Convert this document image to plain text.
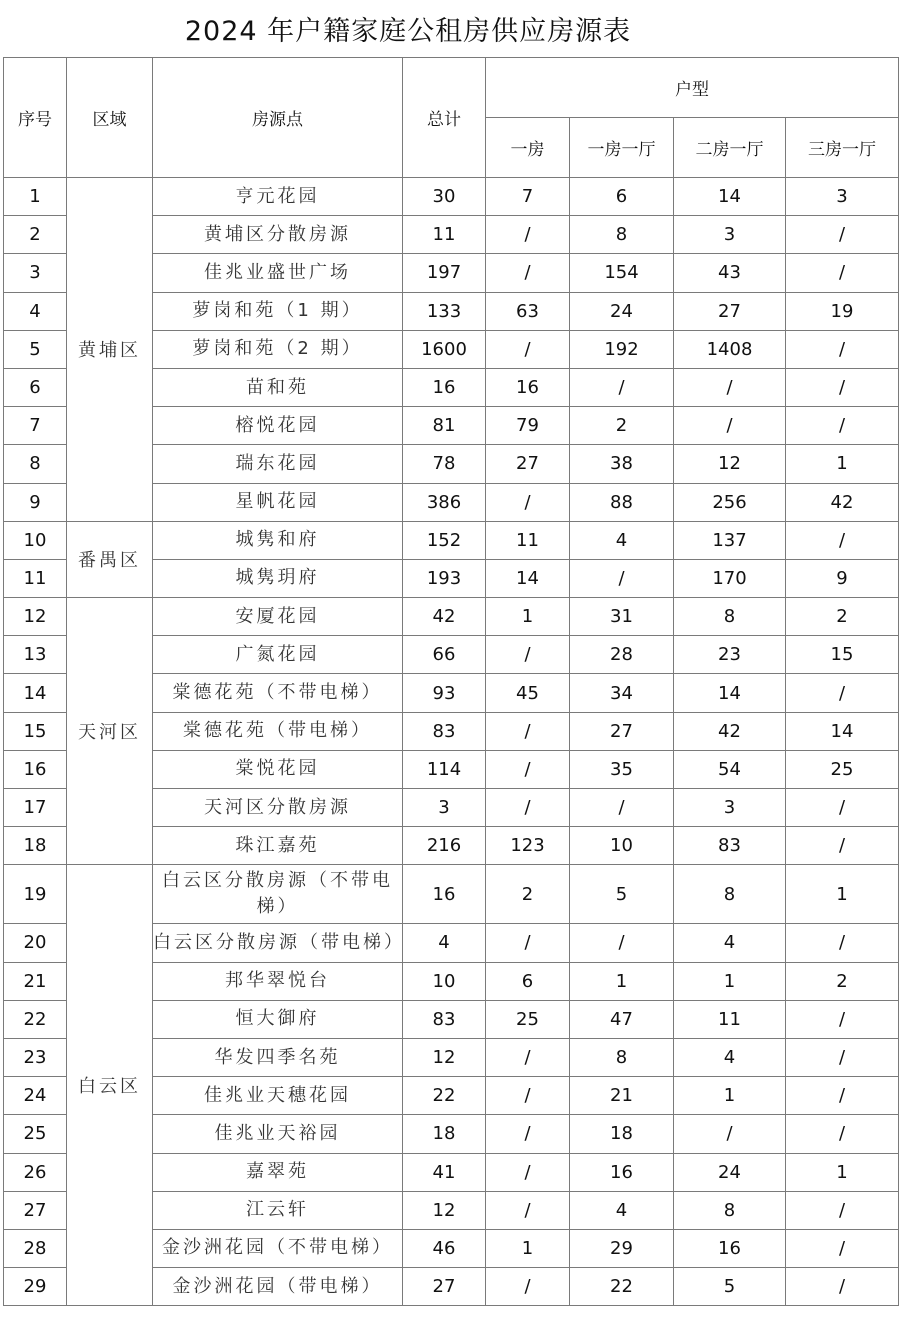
2024 年户籍家庭公租房供应房源表
序号	区域	房源点	总计	户型			
				一房	一房一厅	二房一厅	三房一厅
1	黄埔区	亨元花园	30	7	6	14	3
2		黄埔区分散房源	11	/	8	3	/
3		佳兆业盛世广场	197	/	154	43	/
4		萝岗和苑（1 期）	133	63	24	27	19
5		萝岗和苑（2 期）	1600	/	192	1408	/
6		苗和苑	16	16	/	/	/
7		榕悦花园	81	79	2	/	/
8		瑞东花园	78	27	38	12	1
9		星帆花园	386	/	88	256	42
10	番禺区	城隽和府	152	11	4	137	/
11		城隽玥府	193	14	/	170	9
12	天河区	安厦花园	42	1	31	8	2
13		广氮花园	66	/	28	23	15
14		棠德花苑（不带电梯）	93	45	34	14	/
15		棠德花苑（带电梯）	83	/	27	42	14
16		棠悦花园	114	/	35	54	25
17		天河区分散房源	3	/	/	3	/
18		珠江嘉苑	216	123	10	83	/
19	白云区	白云区分散房源（不带电梯）	16	2	5	8	1
20		白云区分散房源（带电梯）	4	/	/	4	/
21		邦华翠悦台	10	6	1	1	2
22		恒大御府	83	25	47	11	/
23		华发四季名苑	12	/	8	4	/
24		佳兆业天穗花园	22	/	21	1	/
25		佳兆业天裕园	18	/	18	/	/
26		嘉翠苑	41	/	16	24	1
27		江云轩	12	/	4	8	/
28		金沙洲花园（不带电梯）	46	1	29	16	/
29		金沙洲花园（带电梯）	27	/	22	5	/
